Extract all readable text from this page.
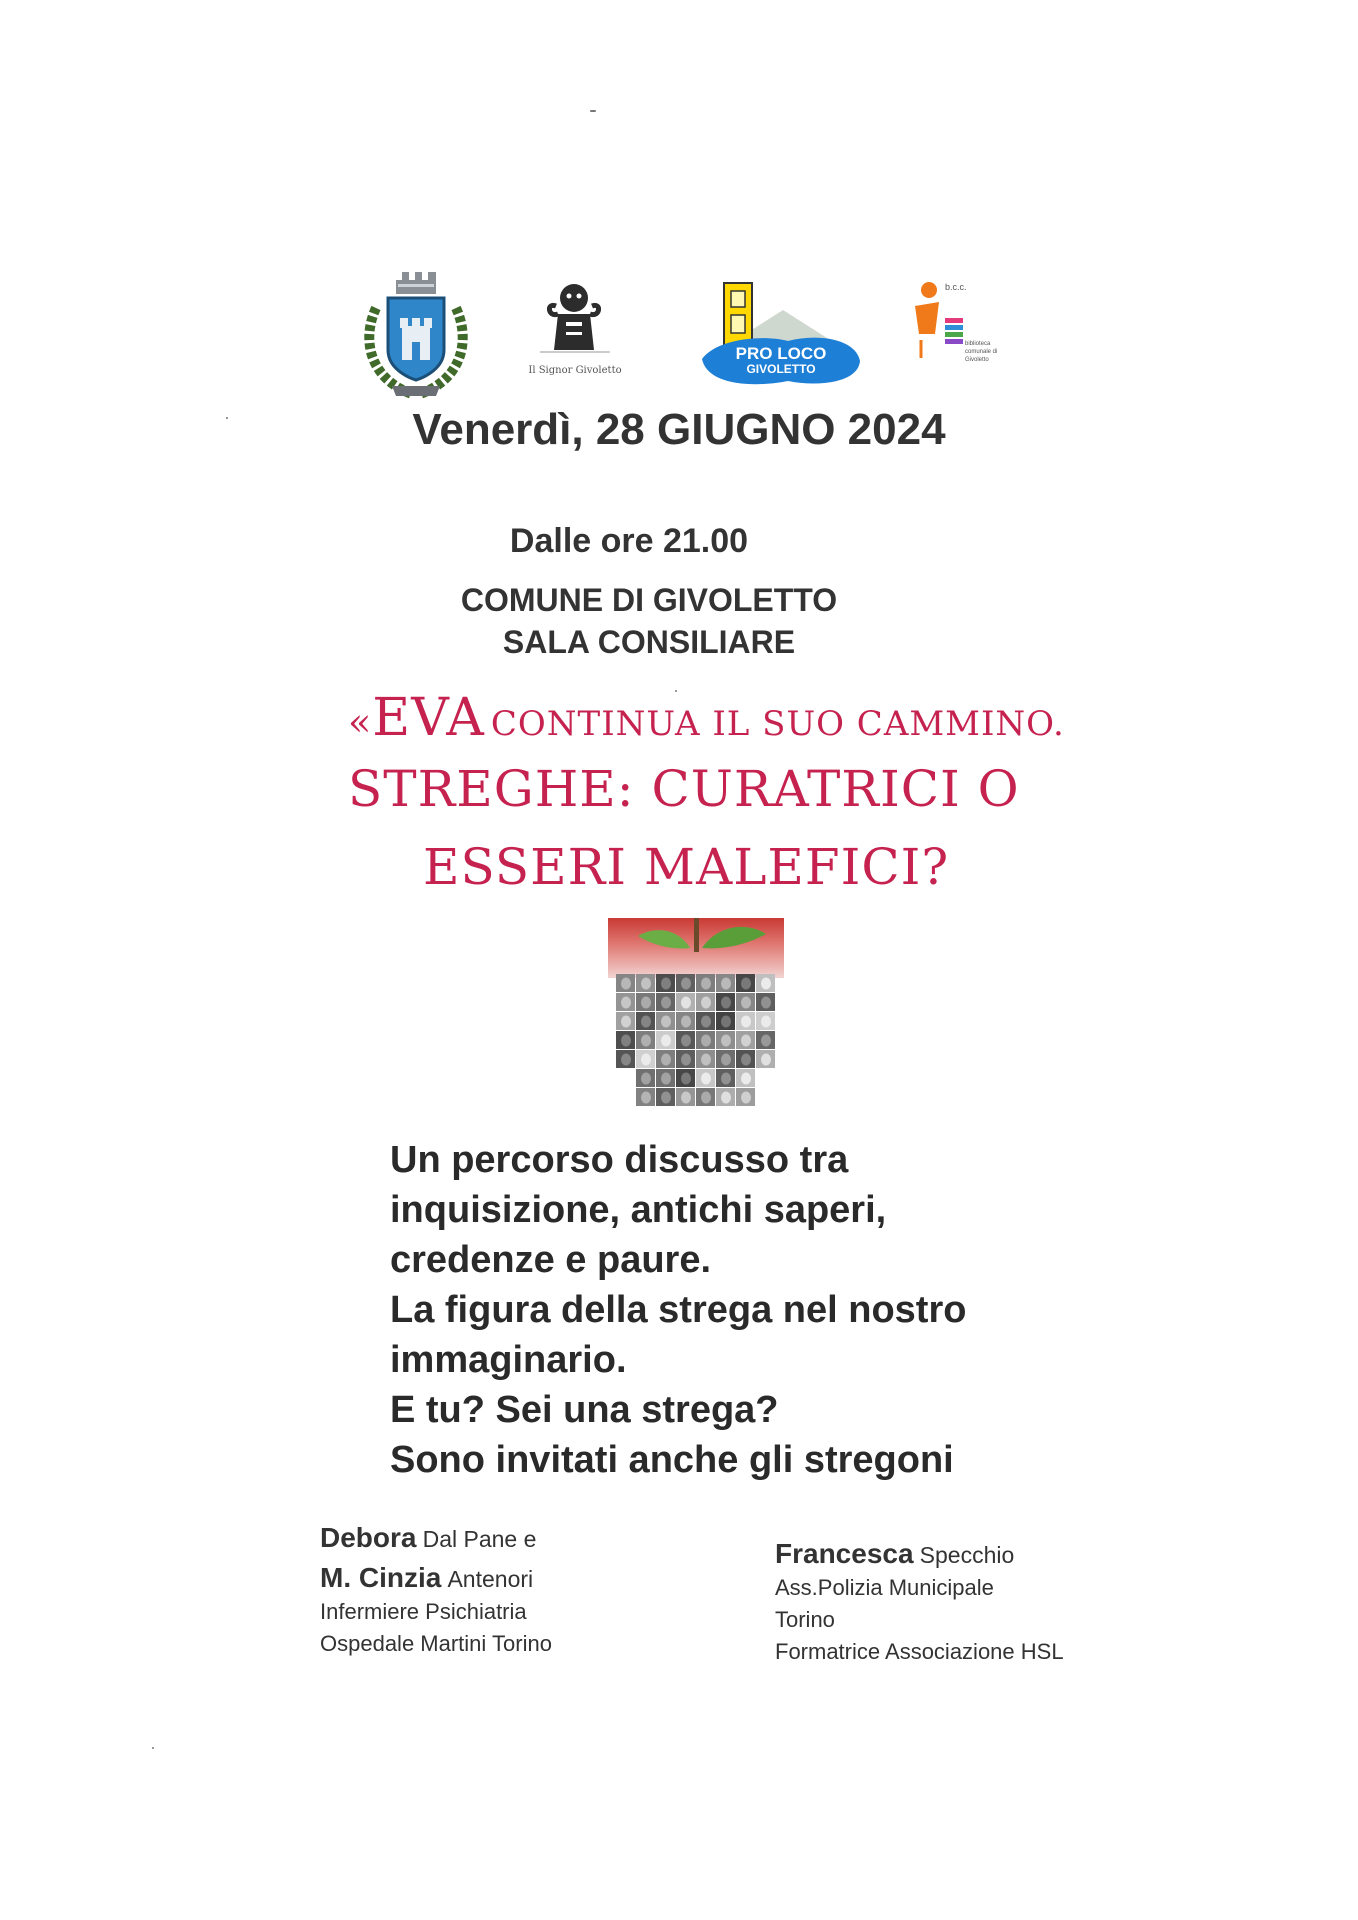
Il Signor Givoletto
PRO LOCO
GIVOLETTO
b.c.c.
biblioteca comunale di Givoletto
Venerdì, 28 GIUGNO 2024
Dalle ore 21.00
COMUNE DI GIVOLETTO
SALA CONSILIARE
«EVA CONTINUA IL SUO CAMMINO.
STREGHE: CURATRICI O
ESSERI MALEFICI?
Un percorso discusso tra
inquisizione, antichi saperi,
credenze e paure.
La figura della strega nel nostro
immaginario.
E tu? Sei una strega?
Sono invitati anche gli stregoni
Debora Dal Pane e
M. Cinzia Antenori
Infermiere Psichiatria
Ospedale Martini Torino
Francesca Specchio
Ass.Polizia Municipale
Torino
Formatrice Associazione HSL
